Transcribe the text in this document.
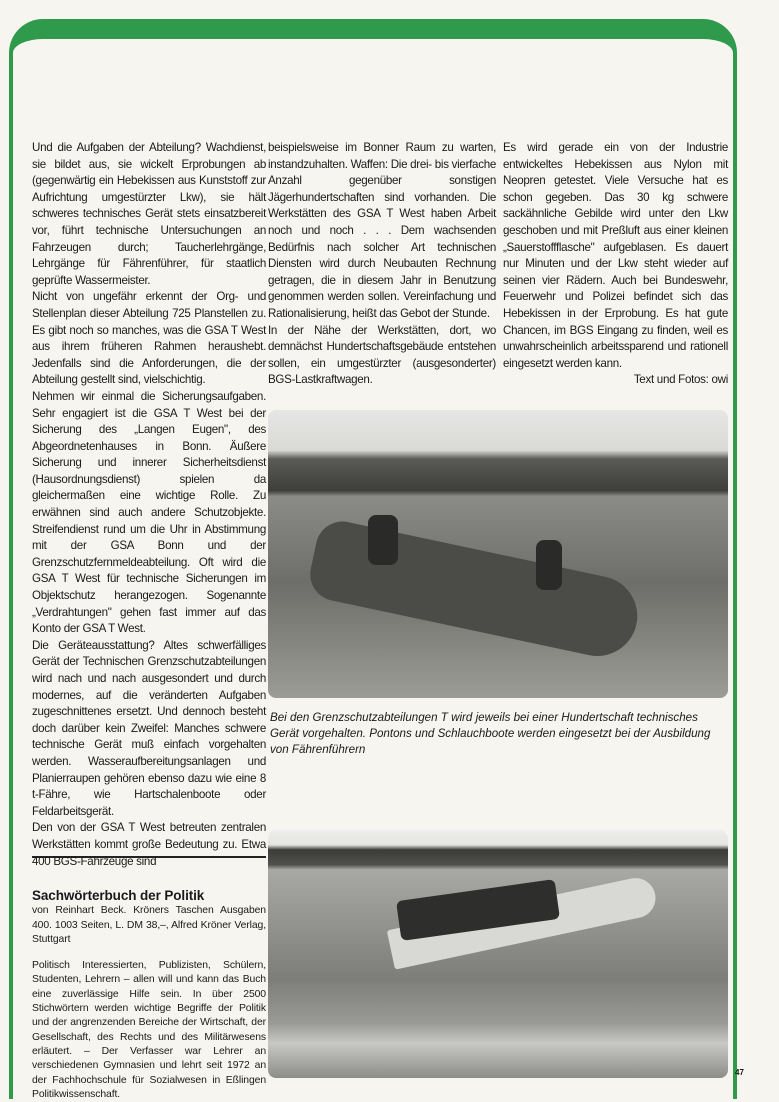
Und die Aufgaben der Abteilung? Wachdienst, sie bildet aus, sie wickelt Erprobungen ab (gegenwärtig ein Hebekissen aus Kunststoff zur Aufrichtung umgestürzter Lkw), sie hält schweres technisches Gerät stets einsatzbereit vor, führt technische Untersuchungen an Fahrzeugen durch; Taucherlehrgänge, Lehrgänge für Fährenführer, für staatlich geprüfte Wassermeister.

Nicht von ungefähr erkennt der Org- und Stellenplan dieser Abteilung 725 Planstellen zu. Es gibt noch so manches, was die GSA T West aus ihrem früheren Rahmen heraushebt. Jedenfalls sind die Anforderungen, die der Abteilung gestellt sind, vielschichtig.

Nehmen wir einmal die Sicherungsaufgaben. Sehr engagiert ist die GSA T West bei der Sicherung des „Langen Eugen", des Abgeordnetenhauses in Bonn. Äußere Sicherung und innerer Sicherheitsdienst (Hausordnungsdienst) spielen da gleichermaßen eine wichtige Rolle. Zu erwähnen sind auch andere Schutzobjekte. Streifendienst rund um die Uhr in Abstimmung mit der GSA Bonn und der Grenzschutzfernmeldeabteilung. Oft wird die GSA T West für technische Sicherungen im Objektschutz herangezogen. Sogenannte „Verdrahtungen" gehen fast immer auf das Konto der GSA T West.

Die Geräteausstattung? Altes schwerfälliges Gerät der Technischen Grenzschutzabteilungen wird nach und nach ausgesondert und durch modernes, auf die veränderten Aufgaben zugeschnittenes ersetzt. Und dennoch besteht doch darüber kein Zweifel: Manches schwere technische Gerät muß einfach vorgehalten werden. Wasseraufbereitungsanlagen und Planierraupen gehören ebenso dazu wie eine 8 t-Fähre, wie Hartschalenboote oder Feldarbeitsgerät.

Den von der GSA T West betreuten zentralen Werkstätten kommt große Bedeutung zu. Etwa 400 BGS-Fahrzeuge sind

beispielsweise im Bonner Raum zu warten, instandzuhalten. Waffen: Die drei- bis vierfache Anzahl gegenüber sonstigen Jägerhundertschaften sind vorhanden. Die Werkstätten des GSA T West haben Arbeit noch und noch . . . Dem wachsenden Bedürfnis nach solcher Art technischen Diensten wird durch Neubauten Rechnung getragen, die in diesem Jahr in Benutzung genommen werden sollen. Vereinfachung und Rationalisierung, heißt das Gebot der Stunde.

In der Nähe der Werkstätten, dort, wo demnächst Hundertschaftsgebäude entstehen sollen, ein umgestürzter (ausgesonderter) BGS-Lastkraftwagen.

Es wird gerade ein von der Industrie entwickeltes Hebekissen aus Nylon mit Neopren getestet. Viele Versuche hat es schon gegeben. Das 30 kg schwere sackähnliche Gebilde wird unter den Lkw geschoben und mit Preßluft aus einer kleinen „Sauerstoffflasche" aufgeblasen. Es dauert nur Minuten und der Lkw steht wieder auf seinen vier Rädern. Auch bei Bundeswehr, Feuerwehr und Polizei befindet sich das Hebekissen in der Erprobung. Es hat gute Chancen, im BGS Eingang zu finden, weil es unwahrscheinlich arbeitssparend und rationell eingesetzt werden kann.

Text und Fotos: owi

Bei den Grenzschutzabteilungen T wird jeweils bei einer Hundertschaft technisches Gerät vorgehalten. Pontons und Schlauchboote werden eingesetzt bei der Ausbildung von Fährenführern
Sachwörterbuch der Politik

von Reinhart Beck. Kröners Taschen Ausgaben 400. 1003 Seiten, L. DM 38,–, Alfred Kröner Verlag, Stuttgart

Politisch Interessierten, Publizisten, Schülern, Studenten, Lehrern – allen will und kann das Buch eine zuverlässige Hilfe sein. In über 2500 Stichwörtern werden wichtige Begriffe der Politik und der angrenzenden Bereiche der Wirtschaft, der Gesellschaft, des Rechts und des Militärwesens erläutert. – Der Verfasser war Lehrer an verschiedenen Gymnasien und lehrt seit 1972 an der Fachhochschule für Sozialwesen in Eßlingen Politikwissenschaft.

47
